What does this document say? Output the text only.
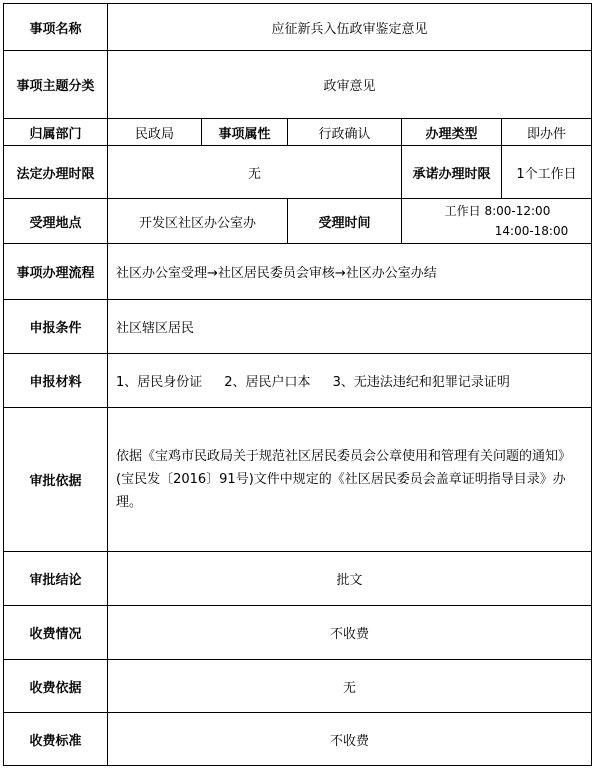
事项名称	应征新兵入伍政审鉴定意见				
事项主题分类	政审意见				
归属部门	民政局	事项属性	行政确认	办理类型	即办件
法定办理时限	无			承诺办理时限	1个工作日
受理地点	开发区社区办公室办		受理时间	工作日 8:00-12:00
14:00-18:00	

事项办理流程	社区办公室受理→社区居民委员会审核→社区办公室办结				
申报条件	社区辖区居民				
申报材料	1、居民身份证 2、居民户口本 3、无违法违纪和犯罪记录证明				
审批依据	依据《宝鸡市民政局关于规范社区居民委员会公章使用和管理有关问题的通知》(宝民发〔2016〕91号)文件中规定的《社区居民委员会盖章证明指导目录》办理。				
审批结论	批文				
收费情况	不收费				
收费依据	无				
收费标准	不收费				
